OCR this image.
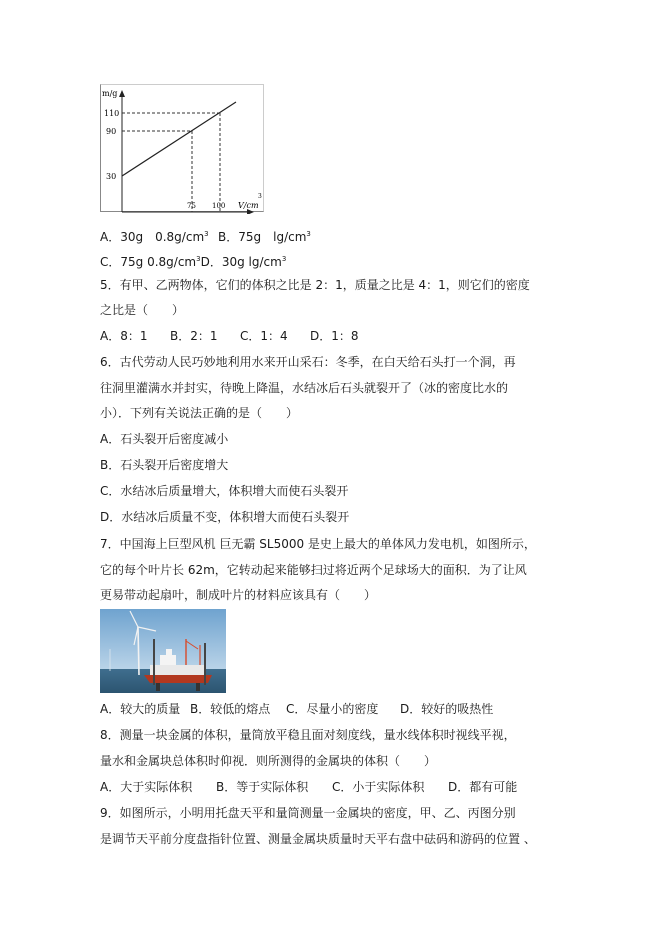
m/g
110
90
30
75 100 V/cm
3
A．30g　$0.8g/cm^3$ B．75g　$\lg/cm^3$
C．75g $0.8g/cm^3D$．30g $\lg/cm^3$
5．有甲、乙两物体，它们的体积之比是 2：1，质量之比是 4：1，则它们的密度
之比是（　　）
A．8：1 B．2：1 C．1：4 D．1：8
6．古代劳动人民巧妙地利用水来开山采石：冬季，在白天给石头打一个洞，再
往洞里灌满水并封实，待晚上降温，水结冰后石头就裂开了（冰的密度比水的
小）．下列有关说法正确的是（　　）
A．石头裂开后密度减小
B．石头裂开后密度增大
C．水结冰后质量增大，体积增大而使石头裂开
D．水结冰后质量不变，体积增大而使石头裂开
7．中国海上巨型风机 巨无霸 SL5000 是史上最大的单体风力发电机，如图所示，
它的每个叶片长 62m，它转动起来能够扫过将近两个足球场大的面积．为了让风
更易带动起扇叶，制成叶片的材料应该具有（　　）
A．较大的质量 B．较低的熔点 C．尽量小的密度 D．较好的吸热性
8．测量一块金属的体积，量筒放平稳且面对刻度线，量水线体积时视线平视，
量水和金属块总体积时仰视．则所测得的金属块的体积（　　）
A．大于实际体积 B．等于实际体积 C．小于实际体积 D．都有可能
9．如图所示，小明用托盘天平和量筒测量一金属块的密度，甲、乙、丙图分别
是调节天平前分度盘指针位置、测量金属块质量时天平右盘中砝码和游码的位置 、
